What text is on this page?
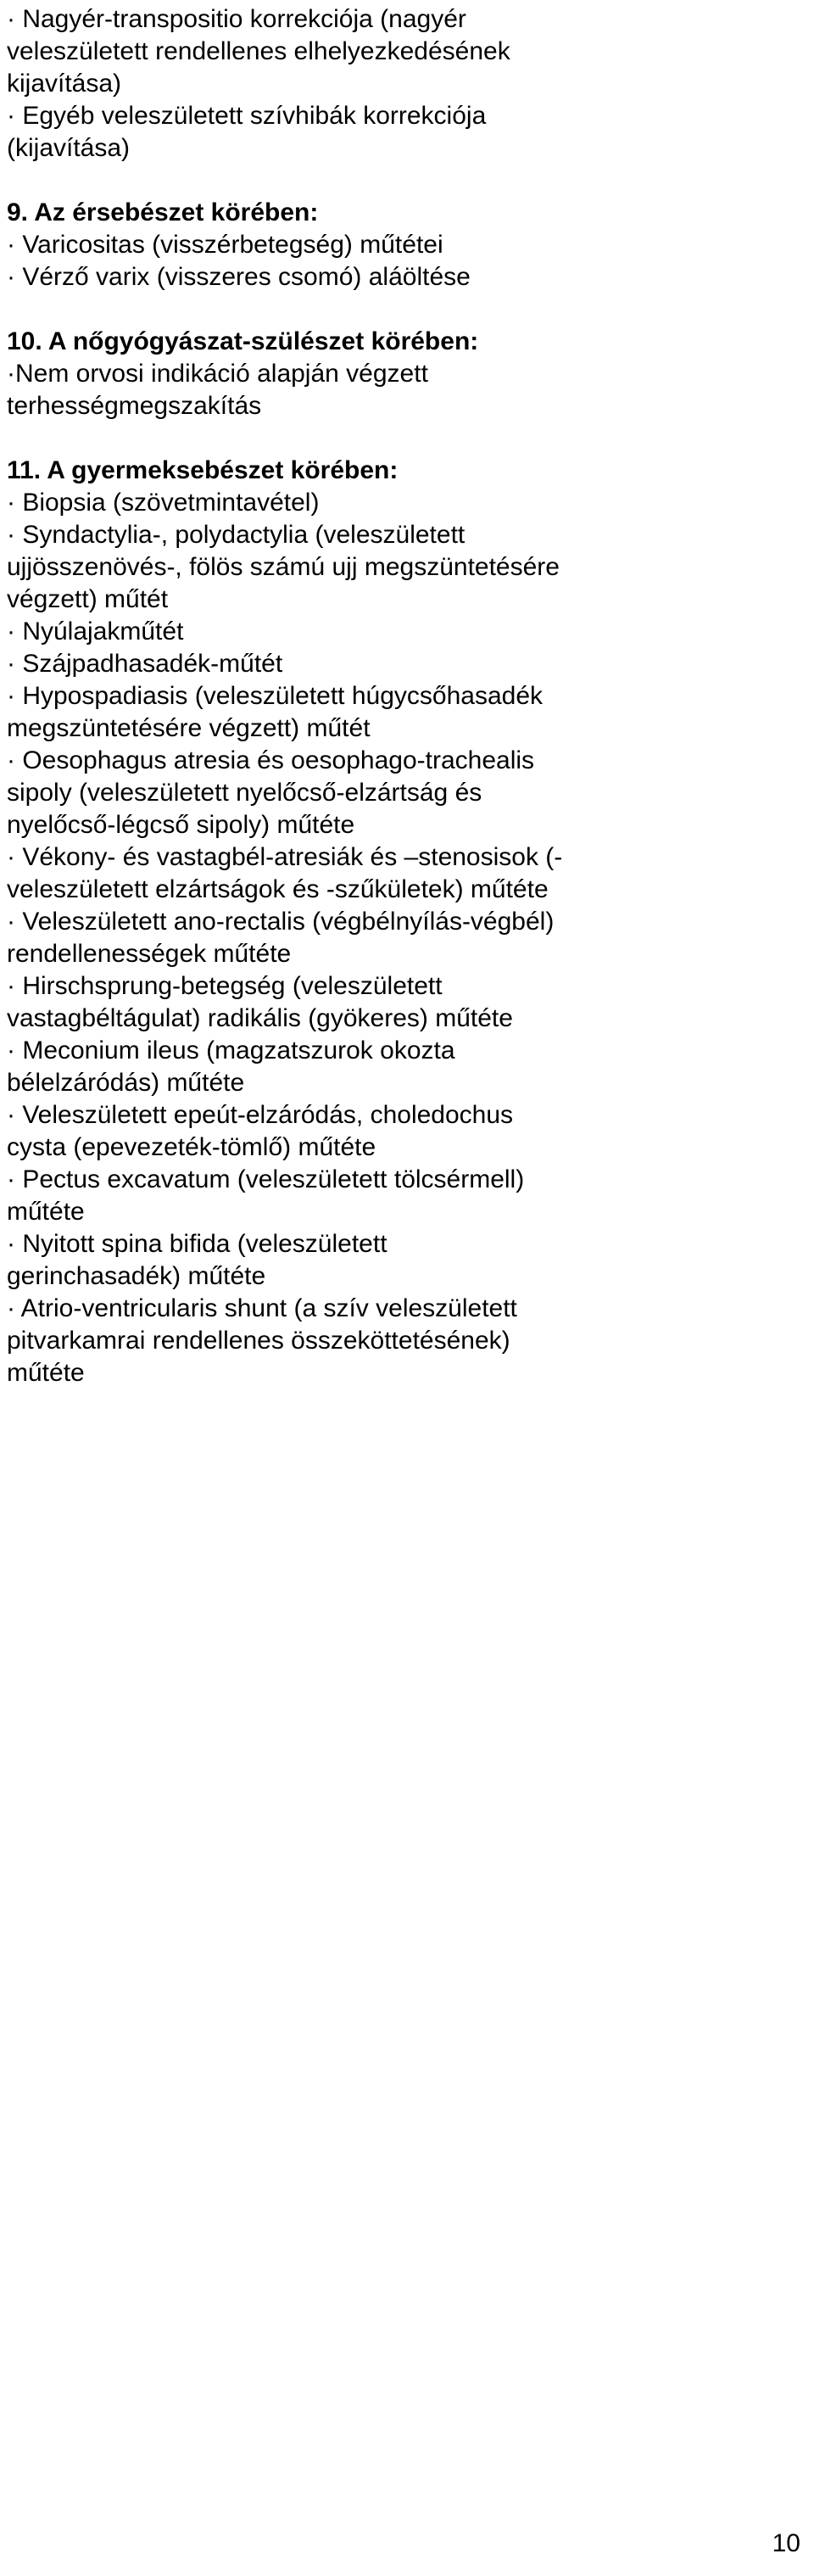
· Nagyér-transpositio korrekciója (nagyér

veleszületett rendellenes elhelyezkedésének

kijavítása)

· Egyéb veleszületett szívhibák korrekciója

(kijavítása)

9. Az érsebészet körében:

· Varicositas (visszérbetegség) műtétei

· Vérző varix (visszeres csomó) aláöltése

10. A nőgyógyászat-szülészet körében:

·Nem orvosi indikáció alapján végzett

terhességmegszakítás

11. A gyermeksebészet körében:

· Biopsia (szövetmintavétel)

· Syndactylia-, polydactylia (veleszületett

ujjösszenövés-, fölös számú ujj megszüntetésére

végzett) műtét

· Nyúlajakműtét

· Szájpadhasadék-műtét

· Hypospadiasis (veleszületett húgycsőhasadék

megszüntetésére végzett) műtét

· Oesophagus atresia és oesophago-trachealis

sipoly (veleszületett nyelőcső-elzártság és

nyelőcső-légcső sipoly) műtéte

· Vékony- és vastagbél-atresiák és –stenosisok (-

veleszületett elzártságok és -szűkületek) műtéte

· Veleszületett ano-rectalis (végbélnyílás-végbél)

rendellenességek műtéte

· Hirschsprung-betegség (veleszületett

vastagbéltágulat) radikális (gyökeres) műtéte

· Meconium ileus (magzatszurok okozta

bélelzáródás) műtéte

· Veleszületett epeút-elzáródás, choledochus

cysta (epevezeték-tömlő) műtéte

· Pectus excavatum (veleszületett tölcsérmell)

műtéte

· Nyitott spina bifida (veleszületett

gerinchasadék) műtéte

· Atrio-ventricularis shunt (a szív veleszületett

pitvarkamrai rendellenes összeköttetésének)

műtéte

10
